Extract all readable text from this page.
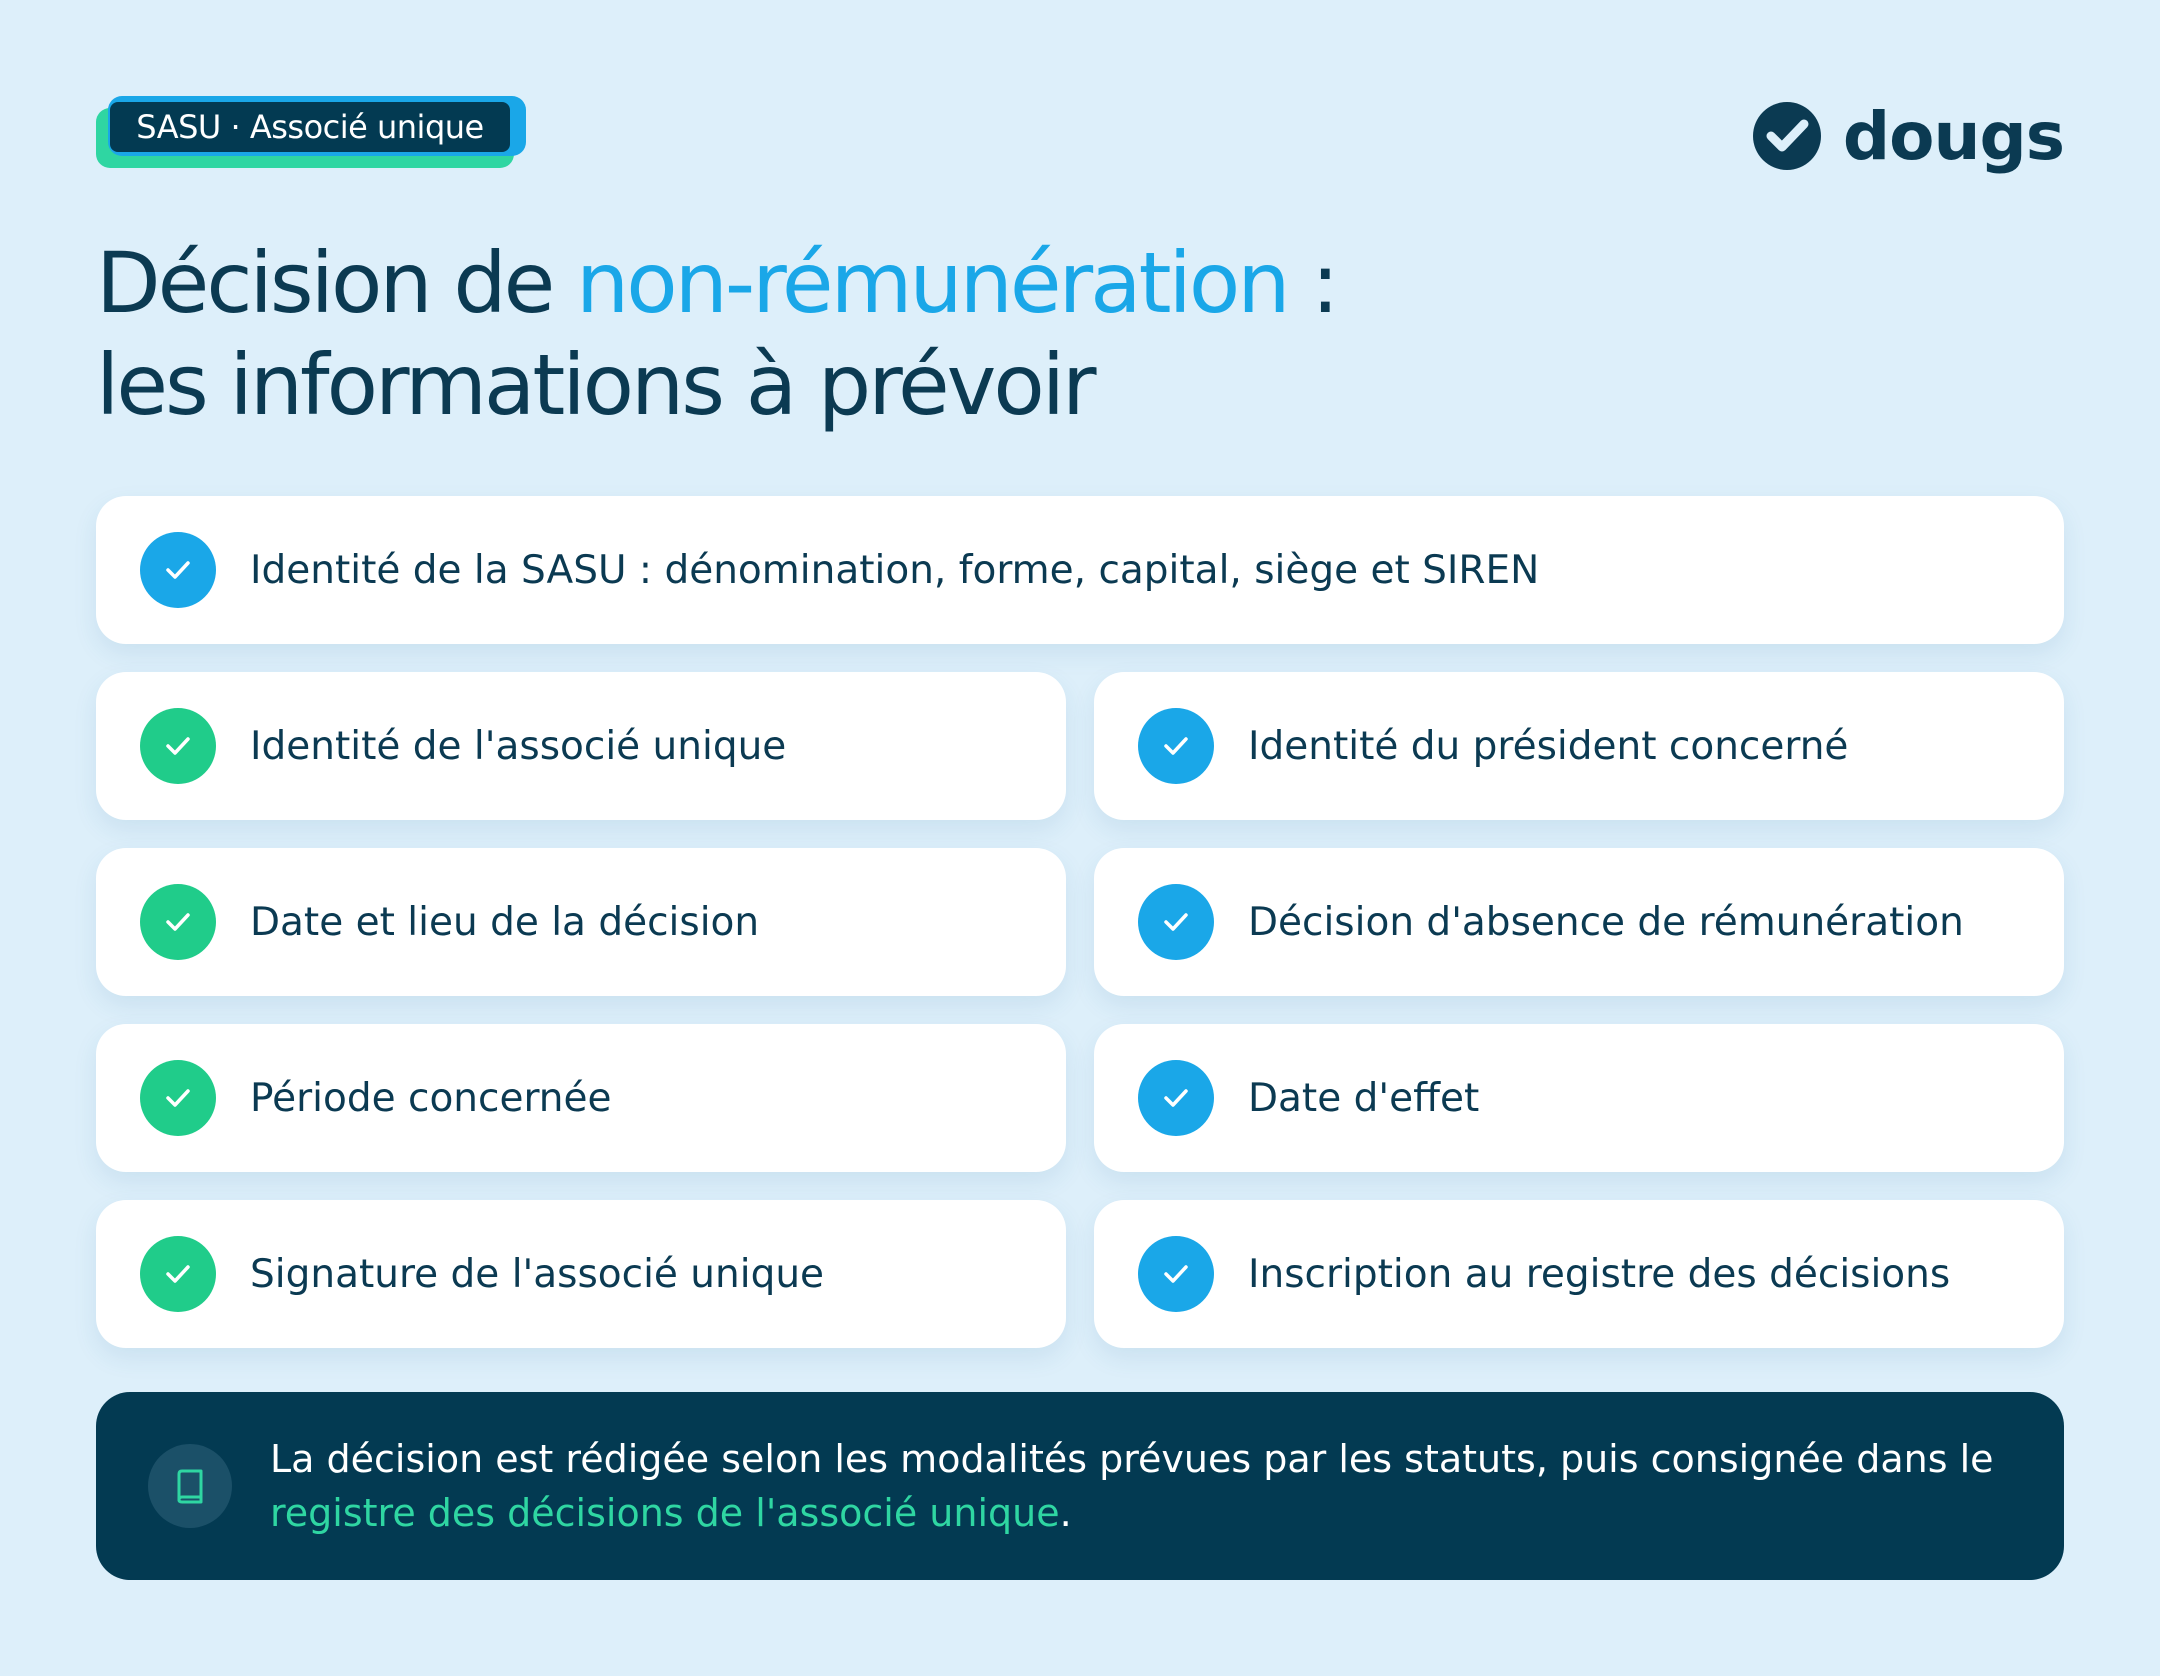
SASU · Associé unique	dougs
Décision de non-rémunération :
les informations à prévoir
Identité de la SASU : dénomination, forme, capital, siège et SIREN
Identité de l'associé unique	Identité du président concerné
Date et lieu de la décision	Décision d'absence de rémunération
Période concernée	Date d'effet
Signature de l'associé unique	Inscription au registre des décisions
La décision est rédigée selon les modalités prévues par les statuts, puis consignée dans le
registre des décisions de l'associé unique.
